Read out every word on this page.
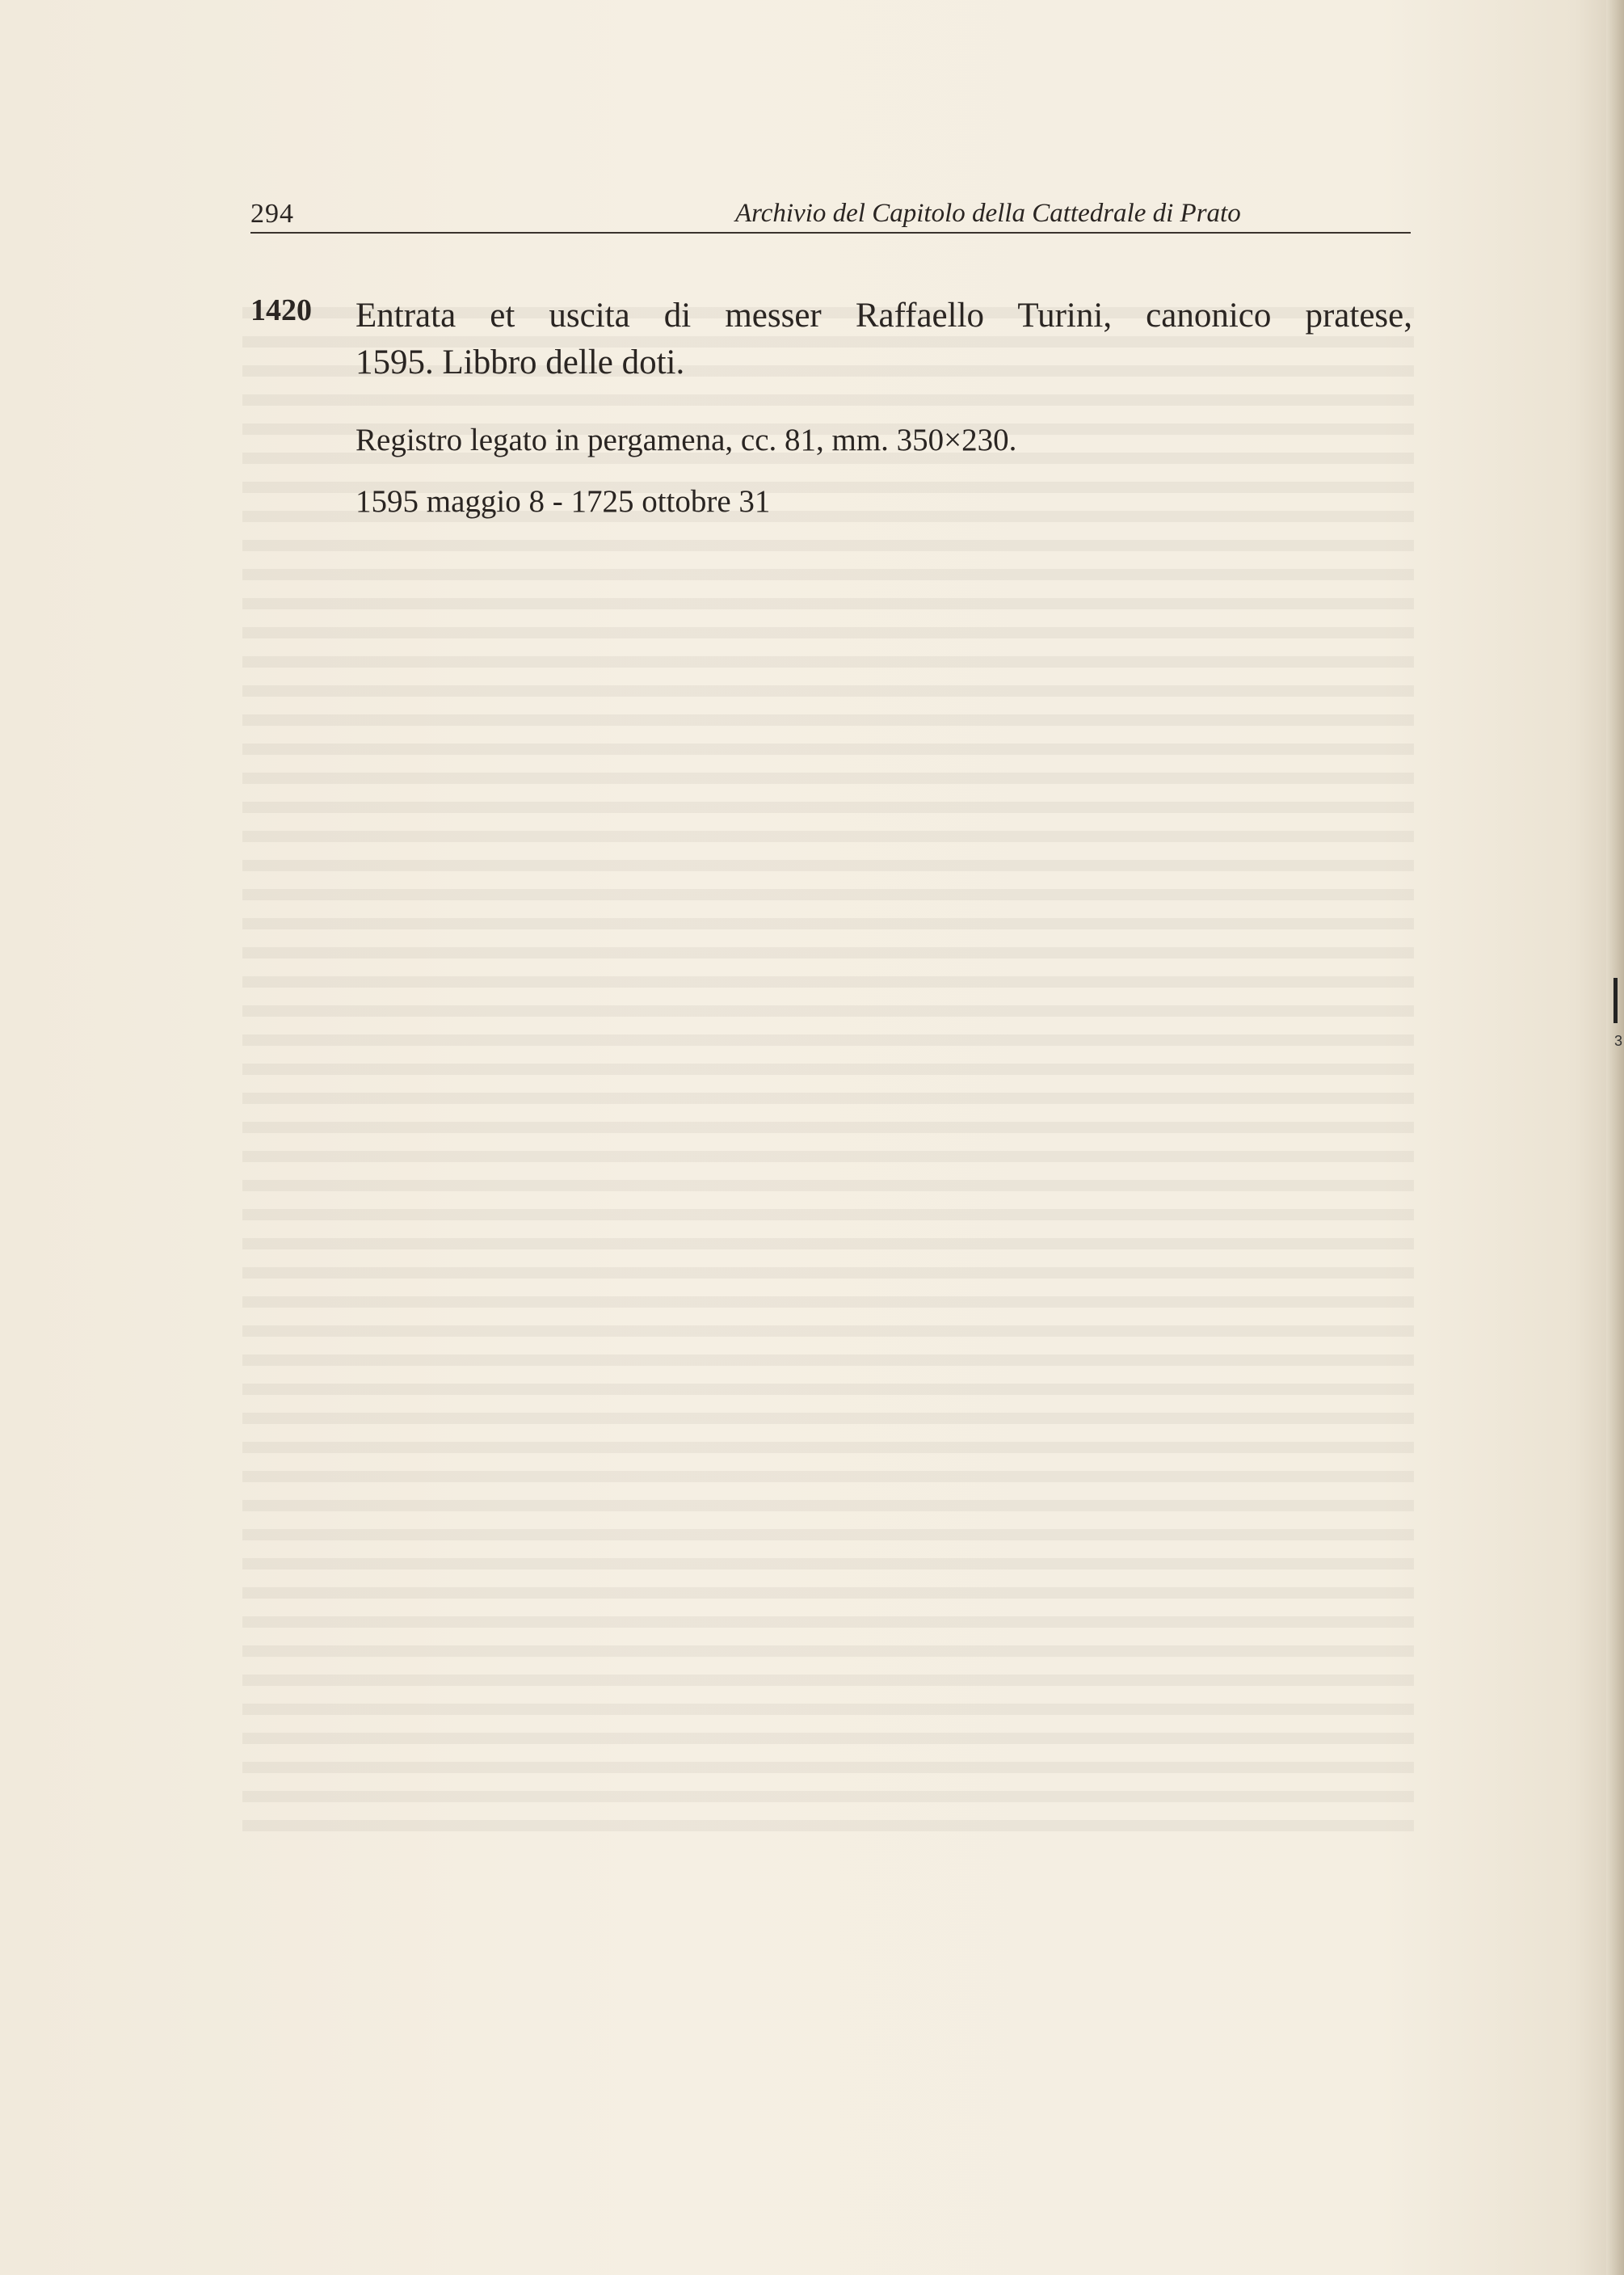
3
294	Archivio del Capitolo della Cattedrale di Prato
1420 Entrata et uscita di messer Raffaello Turini, canonico pratese,
1595. Libbro delle doti.
Registro legato in pergamena, cc. 81, mm. 350×230.
1595 maggio 8 - 1725 ottobre 31
